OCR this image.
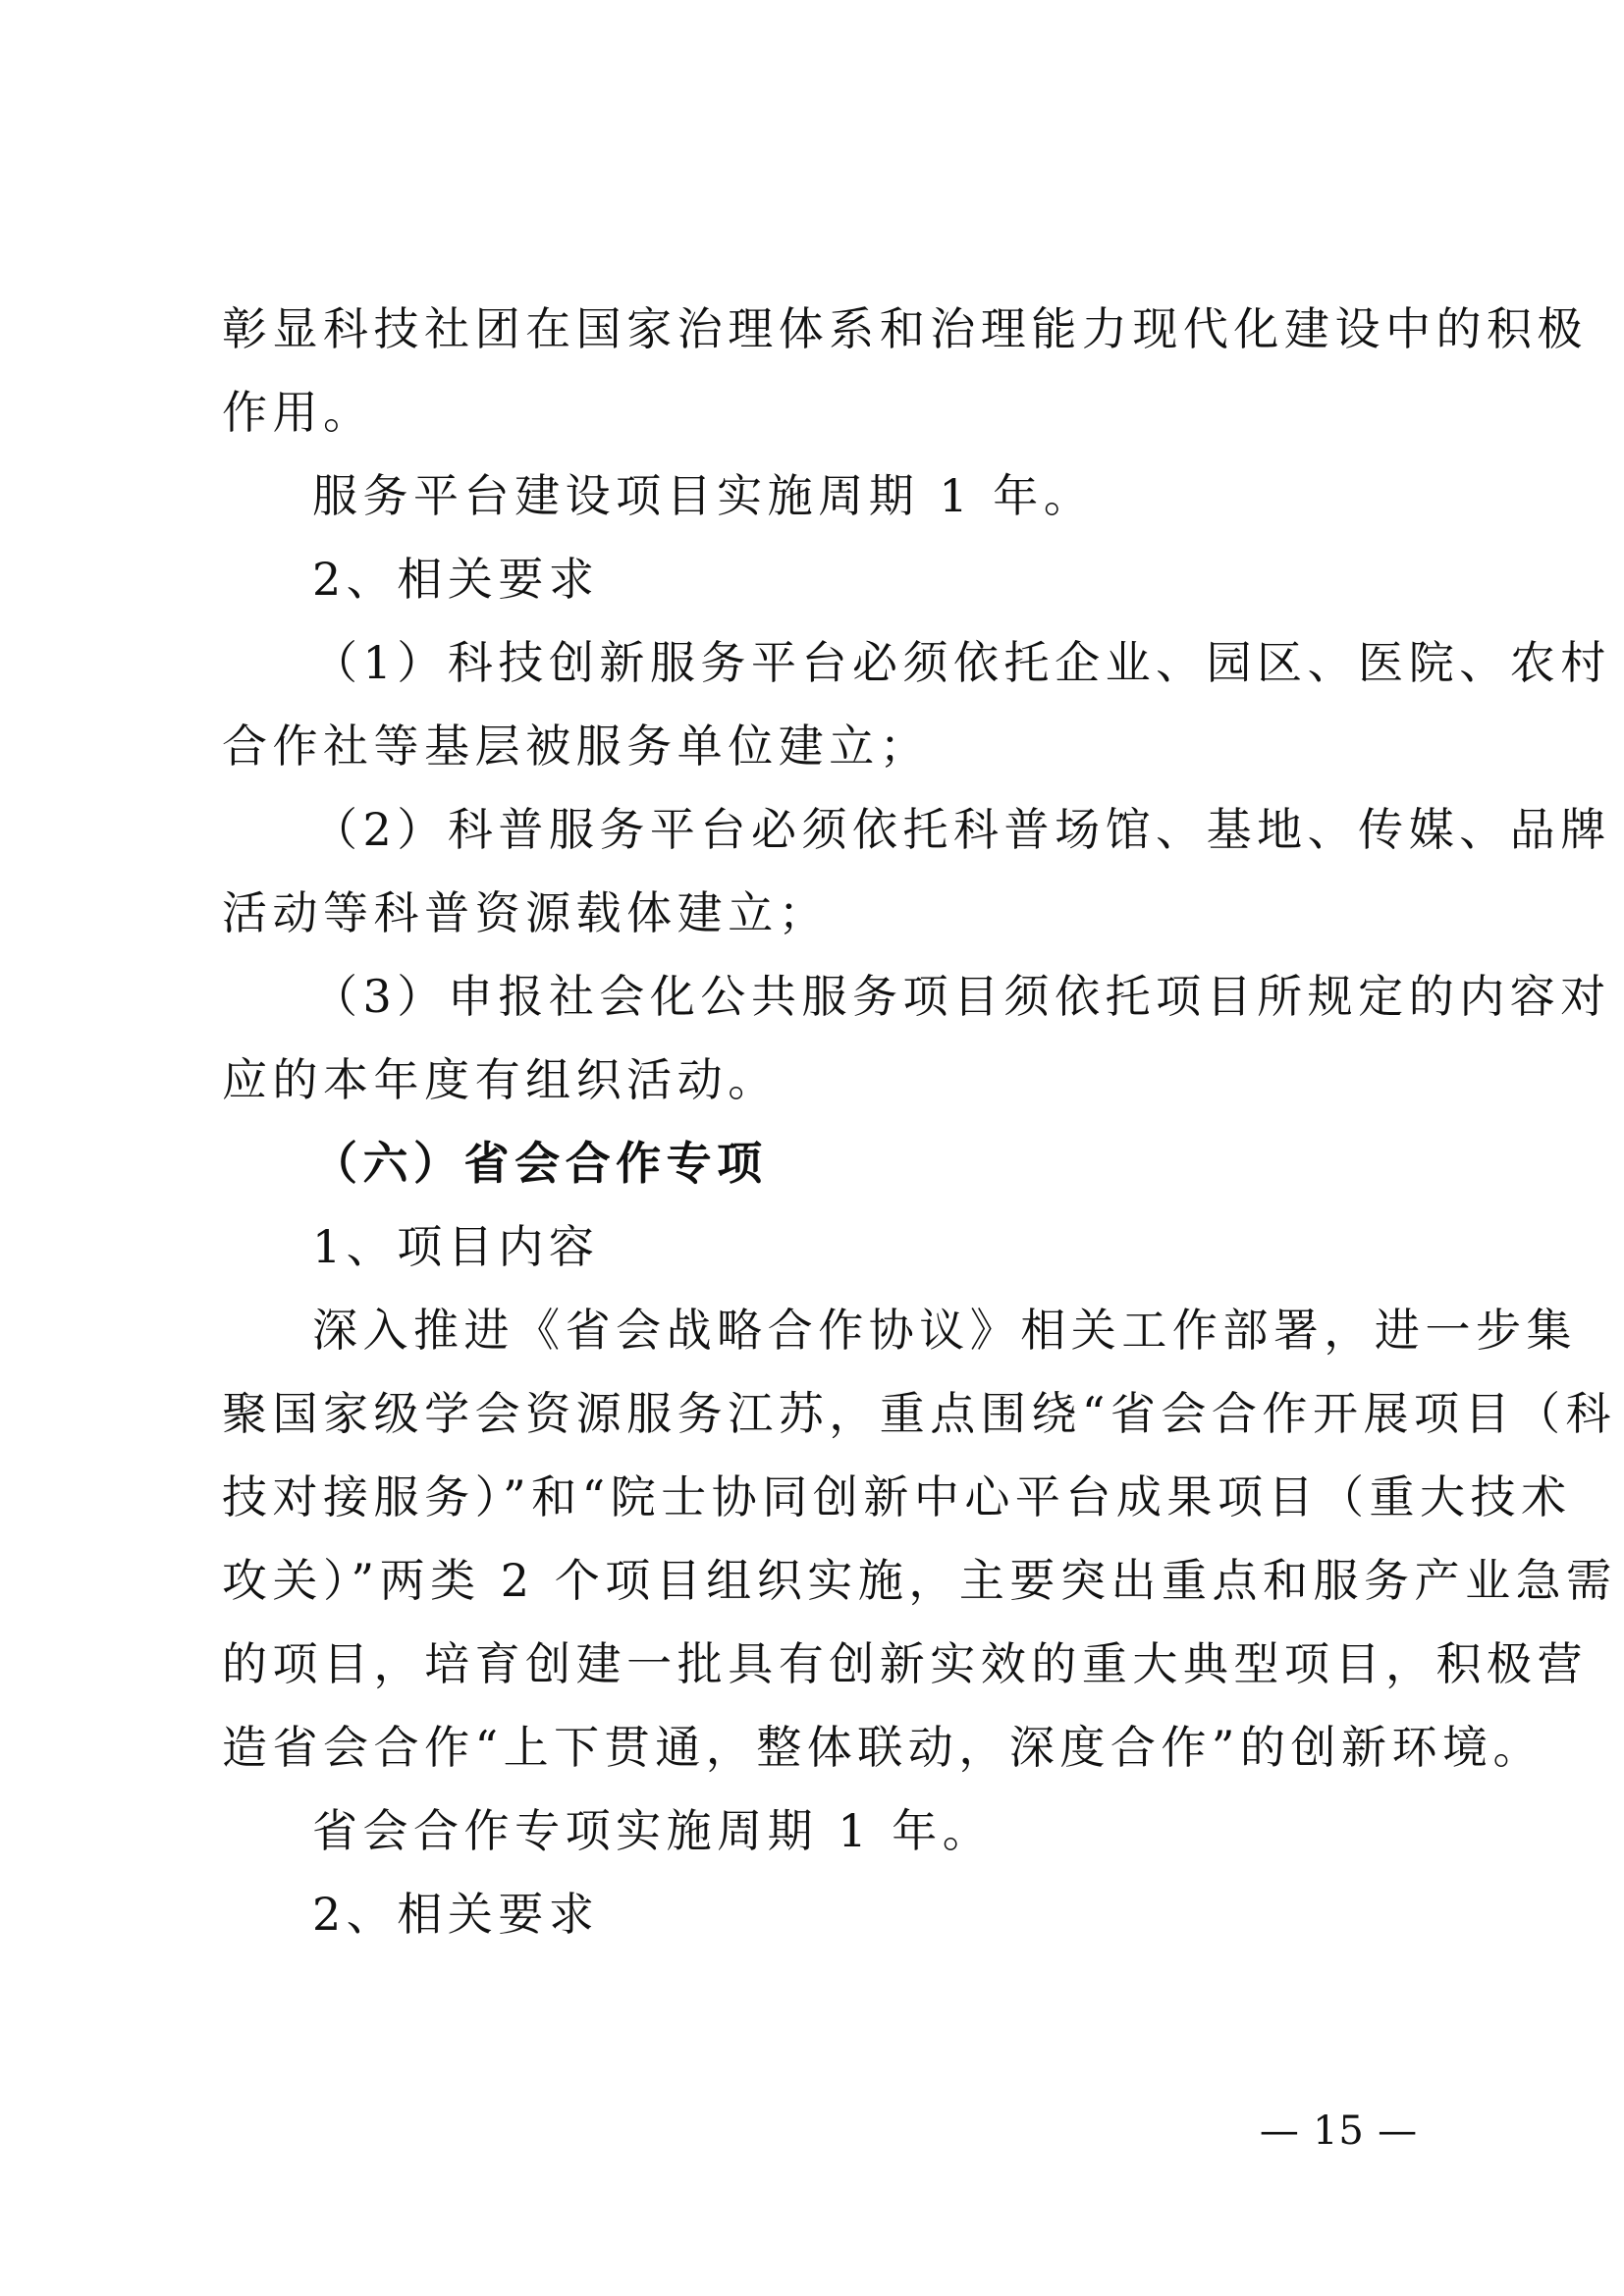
彰显科技社团在国家治理体系和治理能力现代化建设中的积极
作用。
服务平台建设项目实施周期 1 年。
2、相关要求
（1）科技创新服务平台必须依托企业、园区、医院、农村
合作社等基层被服务单位建立；
（2）科普服务平台必须依托科普场馆、基地、传媒、品牌
活动等科普资源载体建立；
（3）申报社会化公共服务项目须依托项目所规定的内容对
应的本年度有组织活动。
（六）省会合作专项
1、项目内容
深入推进《省会战略合作协议》相关工作部署，进一步集
聚国家级学会资源服务江苏，重点围绕“省会合作开展项目（科
技对接服务）”和“院士协同创新中心平台成果项目（重大技术
攻关）”两类 2 个项目组织实施，主要突出重点和服务产业急需
的项目，培育创建一批具有创新实效的重大典型项目，积极营
造省会合作“上下贯通，整体联动，深度合作”的创新环境。
省会合作专项实施周期 1 年。
2、相关要求
— 15 —
